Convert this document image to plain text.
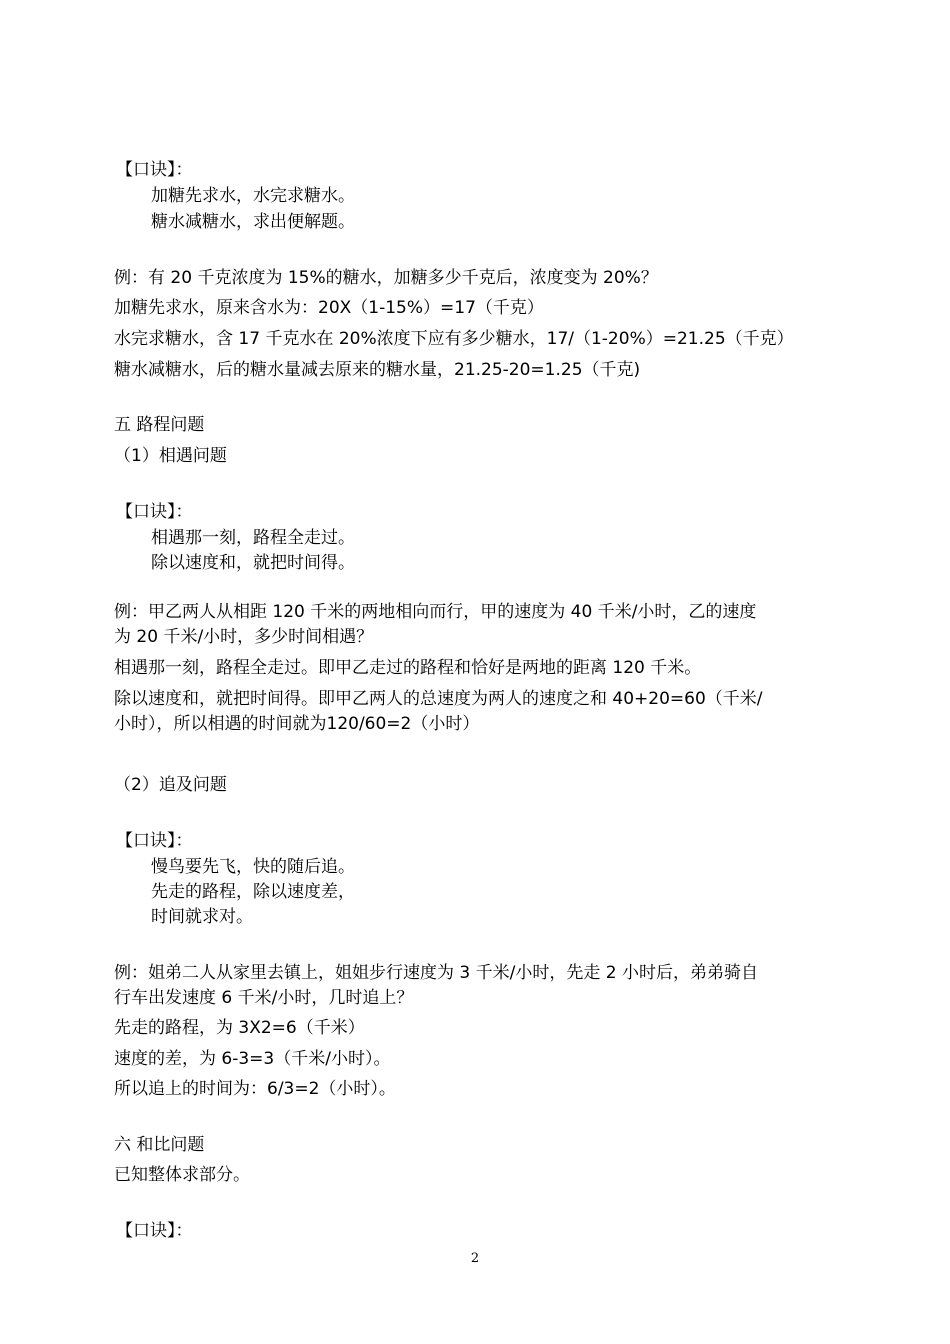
【口诀】：
加糖先求水，水完求糖水。
糖水减糖水，求出便解题。
例：有 20 千克浓度为 15%的糖水，加糖多少千克后，浓度变为 20%？
加糖先求水，原来含水为：20X（1-15%）=17（千克）
水完求糖水，含 17 千克水在 20%浓度下应有多少糖水，17/（1-20%）=21.25（千克）
糖水减糖水，后的糖水量减去原来的糖水量，21.25-20=1.25（千克)
五 路程问题
（1）相遇问题
【口诀】：
相遇那一刻，路程全走过。
除以速度和，就把时间得。
例：甲乙两人从相距 120 千米的两地相向而行，甲的速度为 40 千米/小时，乙的速度
为 20 千米/小时，多少时间相遇？
相遇那一刻，路程全走过。即甲乙走过的路程和恰好是两地的距离 120 千米。
除以速度和，就把时间得。即甲乙两人的总速度为两人的速度之和 40+20=60（千米/
小时），所以相遇的时间就为120/60=2（小时）
（2）追及问题
【口诀】：
慢鸟要先飞，快的随后追。
先走的路程，除以速度差，
时间就求对。
例：姐弟二人从家里去镇上，姐姐步行速度为 3 千米/小时，先走 2 小时后，弟弟骑自
行车出发速度 6 千米/小时，几时追上？
先走的路程，为 3X2=6（千米）
速度的差，为 6-3=3（千米/小时）。
所以追上的时间为：6/3=2（小时）。
六 和比问题
已知整体求部分。
【口诀】：
2
